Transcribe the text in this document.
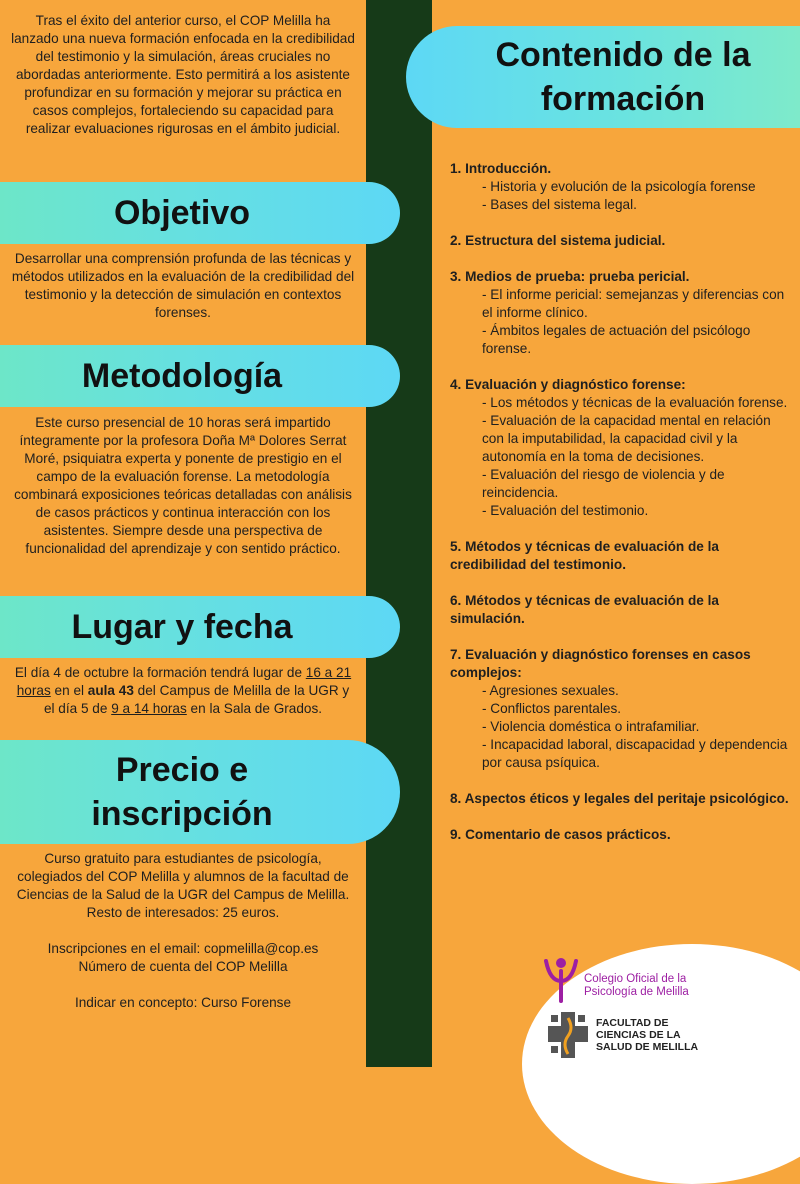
Tras el éxito del anterior curso, el COP Melilla ha lanzado una nueva formación enfocada en la credibilidad del testimonio y la simulación, áreas cruciales no abordadas anteriormente. Esto permitirá a los asistente profundizar en su formación y mejorar su práctica en casos complejos, fortaleciendo su capacidad para realizar evaluaciones rigurosas en el ámbito judicial.
Objetivo
Desarrollar una comprensión profunda de las técnicas y métodos utilizados en la evaluación de la credibilidad del testimonio y la detección de simulación en contextos forenses.
Metodología
Este curso presencial de 10 horas será impartido íntegramente por la profesora Doña Mª Dolores Serrat Moré, psiquiatra experta y ponente de prestigio en el campo de la evaluación forense. La metodología combinará exposiciones teóricas detalladas con análisis de casos prácticos y continua interacción con los asistentes. Siempre desde una perspectiva de funcionalidad del aprendizaje y con sentido práctico.
Lugar y fecha
El día 4 de octubre la formación tendrá lugar de 16 a 21 horas en el aula 43 del Campus de Melilla de la UGR y el día 5 de 9 a 14 horas en la Sala de Grados.
Precio e
inscripción

Curso gratuito para estudiantes de psicología, colegiados del COP Melilla y alumnos de la facultad de Ciencias de la Salud de la UGR del Campus de Melilla. Resto de interesados: 25 euros.

Inscripciones en el email: copmelilla@cop.es

Número de cuenta del COP Melilla

Indicar en concepto: Curso Forense

Contenido de la
formación
1. Introducción.
- Historia y evolución de la psicología forense
- Bases del sistema legal.
2. Estructura del sistema judicial.
3. Medios de prueba: prueba pericial.
- El informe pericial: semejanzas y diferencias con el informe clínico.
- Ámbitos legales de actuación del psicólogo forense.
4. Evaluación y diagnóstico forense:
- Los métodos y técnicas de la evaluación forense.
- Evaluación de la capacidad mental en relación con la imputabilidad, la capacidad civil y la autonomía en la toma de decisiones.
- Evaluación del riesgo de violencia y de reincidencia.
- Evaluación del testimonio.
5. Métodos y técnicas de evaluación de la credibilidad del testimonio.
6. Métodos y técnicas de evaluación de la simulación.
7. Evaluación y diagnóstico forenses en casos complejos:
- Agresiones sexuales.
- Conflictos parentales.
- Violencia doméstica o intrafamiliar.
- Incapacidad laboral, discapacidad y dependencia por causa psíquica.
8. Aspectos éticos y legales del peritaje psicológico.
9. Comentario de casos prácticos.
Colegio Oficial de la
Psicología de Melilla
FACULTAD DE
CIENCIAS DE LA
SALUD DE MELILLA
